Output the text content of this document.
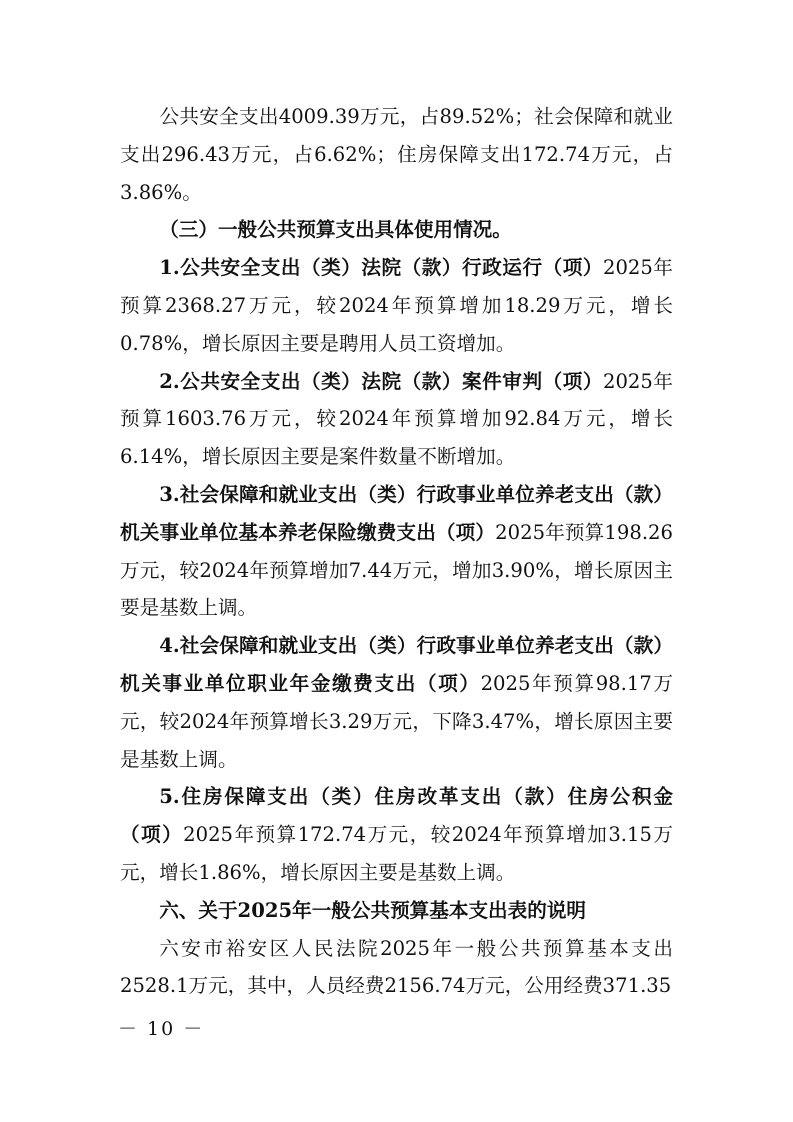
公共安全支出4009.39万元，占89.52%；社会保障和就业支出296.43万元，占6.62%；住房保障支出172.74万元，占3.86%。

（三）一般公共预算支出具体使用情况。

1.公共安全支出（类）法院（款）行政运行（项）2025年预算2368.27万元，较2024年预算增加18.29万元，增长0.78%，增长原因主要是聘用人员工资增加。

2.公共安全支出（类）法院（款）案件审判（项）2025年预算1603.76万元，较2024年预算增加92.84万元，增长6.14%，增长原因主要是案件数量不断增加。

3.社会保障和就业支出（类）行政事业单位养老支出（款）机关事业单位基本养老保险缴费支出（项）2025年预算198.26万元，较2024年预算增加7.44万元，增加3.90%，增长原因主要是基数上调。

4.社会保障和就业支出（类）行政事业单位养老支出（款）机关事业单位职业年金缴费支出（项）2025年预算98.17万元，较2024年预算增长3.29万元，下降3.47%，增长原因主要是基数上调。

5.住房保障支出（类）住房改革支出（款）住房公积金（项）2025年预算172.74万元，较2024年预算增加3.15万元，增长1.86%，增长原因主要是基数上调。

六、关于2025年一般公共预算基本支出表的说明

六安市裕安区人民法院2025年一般公共预算基本支出2528.1万元，其中，人员经费2156.74万元，公用经费371.35

－ 10 －
